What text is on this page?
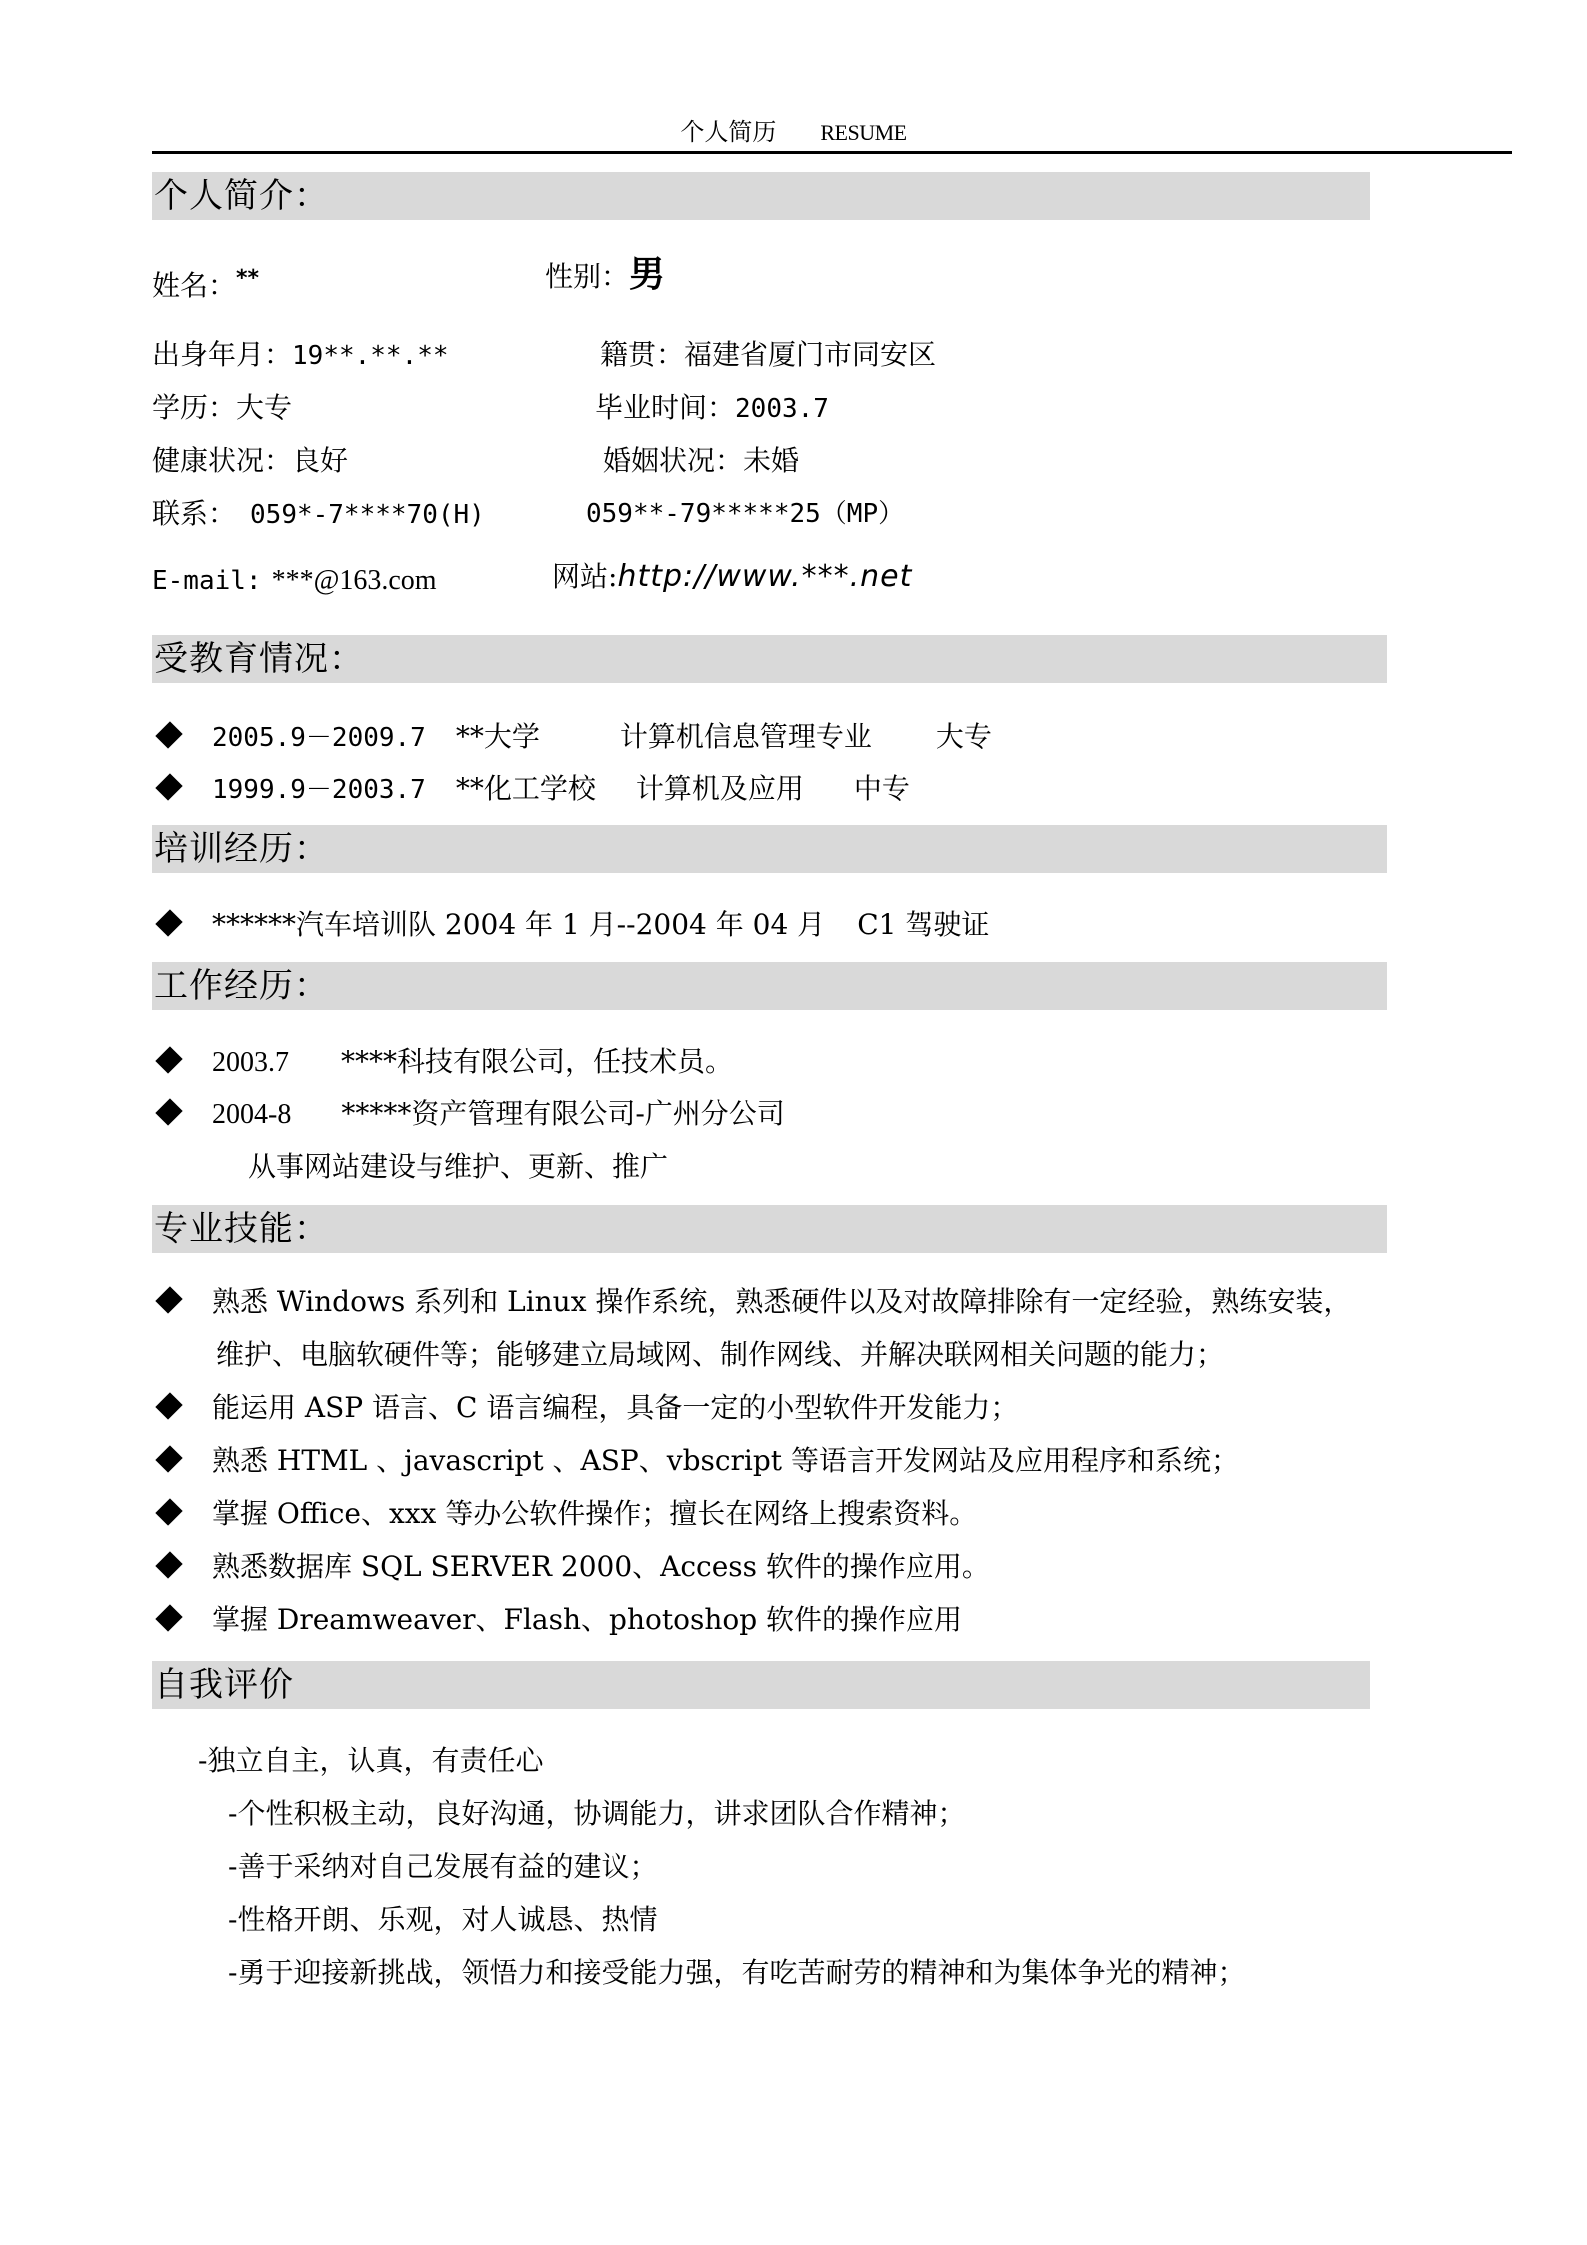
个人简历 RESUME
个人简介：
姓名：**	性别：男
出身年月：19**.**.**	籍贯：福建省厦门市同安区
学历：大专	毕业时间：2003.7
健康状况：良好	婚姻状况：未婚
联系： 059*-7****70(H)	059**-79*****25（MP）
E-mail: ***@163.com	网站:http://www.***.net
受教育情况：
2005.9－2009.7 **大学	计算机信息管理专业 大专
1999.9－2003.7 **化工学校 计算机及应用 中专
培训经历：
******汽车培训队 2004 年 1 月--2004 年 04 月 C1 驾驶证
工作经历：
2003.7 ****科技有限公司，任技术员。
2004-8 *****资产管理有限公司-广州分公司
从事网站建设与维护、更新、推广
专业技能：
熟悉 Windows 系列和 Linux 操作系统，熟悉硬件以及对故障排除有一定经验，熟练安装，
维护、电脑软硬件等；能够建立局域网、制作网线、并解决联网相关问题的能力；
能运用 ASP 语言、C 语言编程，具备一定的小型软件开发能力；
熟悉 HTML 、javascript 、ASP、vbscript 等语言开发网站及应用程序和系统；
掌握 Office、xxx 等办公软件操作；擅长在网络上搜索资料。
熟悉数据库 SQL SERVER 2000、Access 软件的操作应用。
掌握 Dreamweaver、Flash、photoshop 软件的操作应用
自我评价
-独立自主，认真，有责任心
-个性积极主动，良好沟通，协调能力，讲求团队合作精神；
-善于采纳对自己发展有益的建议；
-性格开朗、乐观，对人诚恳、热情
-勇于迎接新挑战，领悟力和接受能力强，有吃苦耐劳的精神和为集体争光的精神；
